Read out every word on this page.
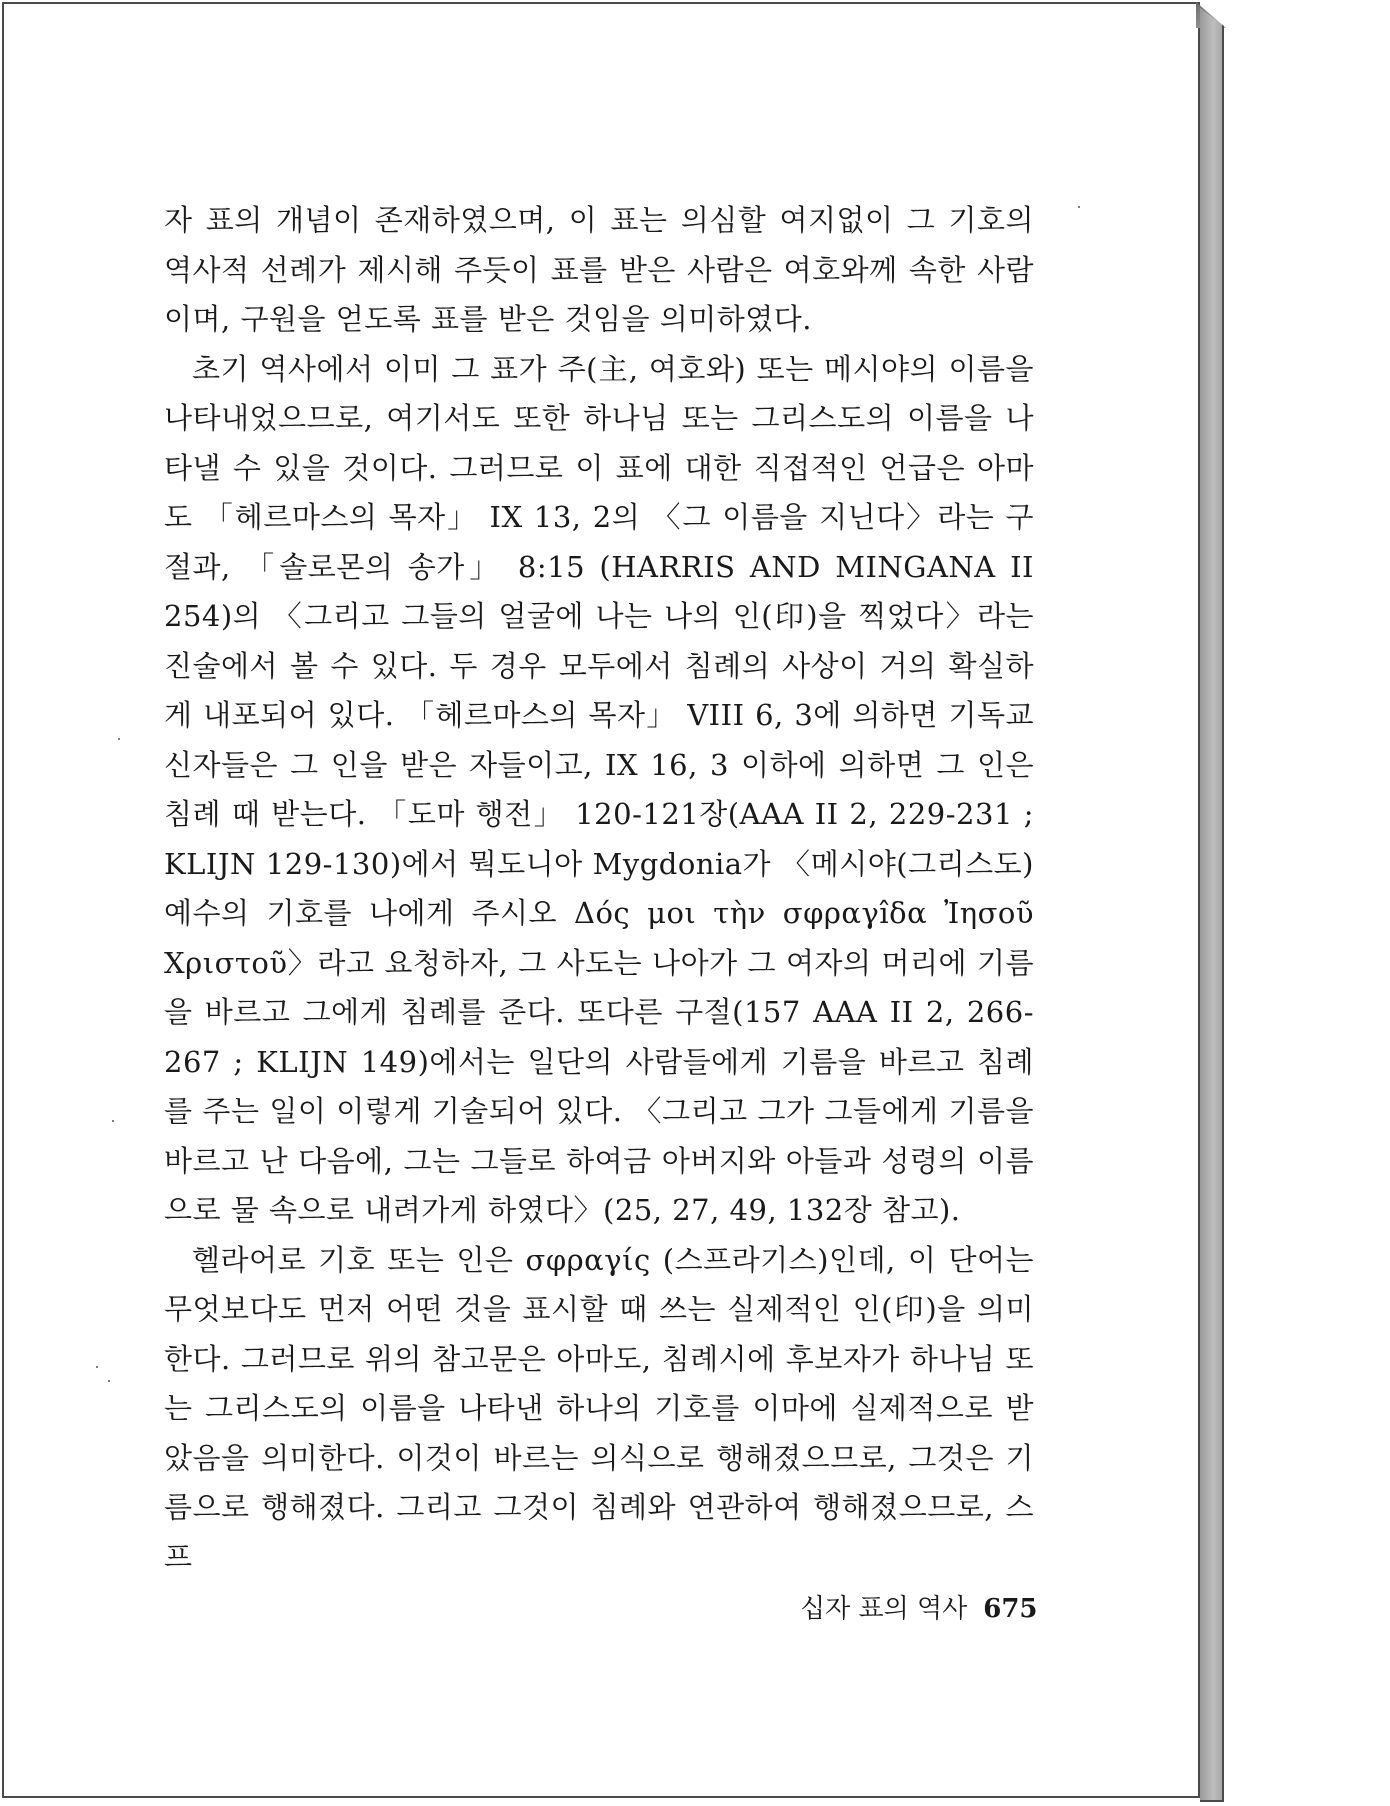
자 표의 개념이 존재하였으며, 이 표는 의심할 여지없이 그 기호의 역사적 선례가 제시해 주듯이 표를 받은 사람은 여호와께 속한 사람이며, 구원을 얻도록 표를 받은 것임을 의미하였다.

초기 역사에서 이미 그 표가 주(主, 여호와) 또는 메시야의 이름을 나타내었으므로, 여기서도 또한 하나님 또는 그리스도의 이름을 나타낼 수 있을 것이다. 그러므로 이 표에 대한 직접적인 언급은 아마도 「헤르마스의 목자」 IX 13, 2의 〈그 이름을 지닌다〉라는 구절과, 「솔로몬의 송가」 8:15 (HARRIS AND MINGANA II 254)의 〈그리고 그들의 얼굴에 나는 나의 인(印)을 찍었다〉라는 진술에서 볼 수 있다. 두 경우 모두에서 침례의 사상이 거의 확실하게 내포되어 있다. 「헤르마스의 목자」 VIII 6, 3에 의하면 기독교 신자들은 그 인을 받은 자들이고, IX 16, 3 이하에 의하면 그 인은 침례 때 받는다. 「도마 행전」 120-121장(AAA II 2, 229-231 ; KLIJN 129-130)에서 뭑도니아 Mygdonia가 〈메시야(그리스도) 예수의 기호를 나에게 주시오 Δός μοι τὴν σφραγîδα Ἰησοῦ Χριστοῦ〉라고 요청하자, 그 사도는 나아가 그 여자의 머리에 기름을 바르고 그에게 침례를 준다. 또다른 구절(157 AAA II 2, 266-267 ; KLIJN 149)에서는 일단의 사람들에게 기름을 바르고 침례를 주는 일이 이렇게 기술되어 있다. 〈그리고 그가 그들에게 기름을 바르고 난 다음에, 그는 그들로 하여금 아버지와 아들과 성령의 이름으로 물 속으로 내려가게 하였다〉(25, 27, 49, 132장 참고).

헬라어로 기호 또는 인은 σφραγίς (스프라기스)인데, 이 단어는 무엇보다도 먼저 어떤 것을 표시할 때 쓰는 실제적인 인(印)을 의미한다. 그러므로 위의 참고문은 아마도, 침례시에 후보자가 하나님 또는 그리스도의 이름을 나타낸 하나의 기호를 이마에 실제적으로 받았음을 의미한다. 이것이 바르는 의식으로 행해졌으므로, 그것은 기름으로 행해졌다. 그리고 그것이 침례와 연관하여 행해졌으므로, 스프

십자 표의 역사 675
